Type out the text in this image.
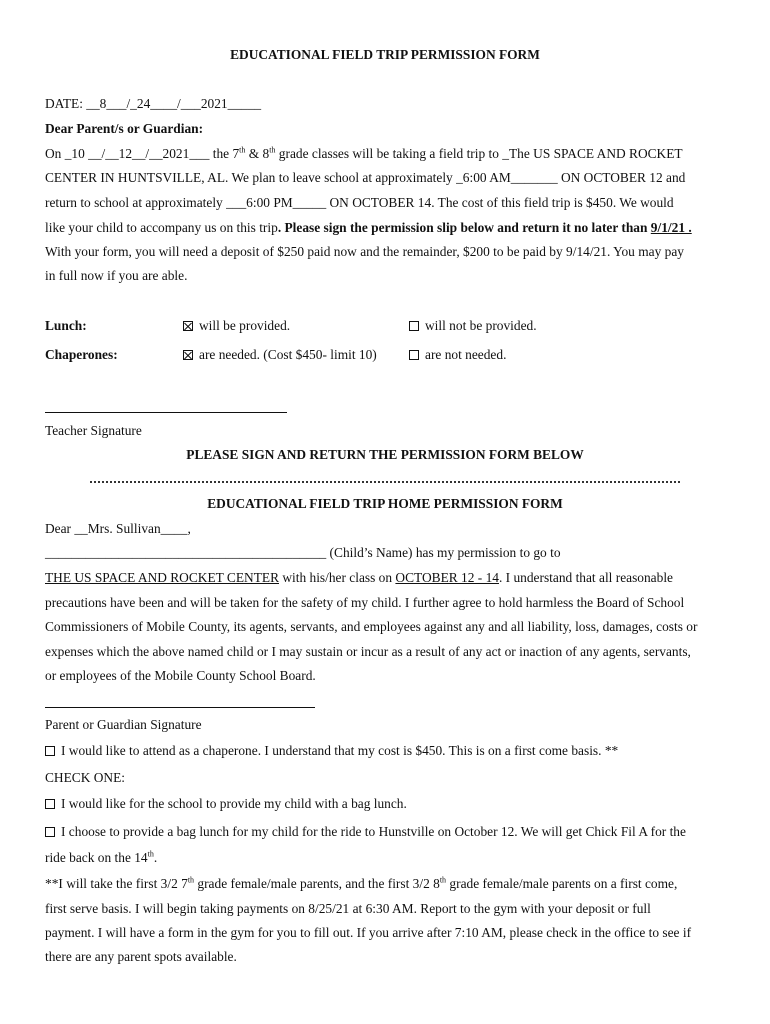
EDUCATIONAL FIELD TRIP PERMISSION FORM
DATE: __8___/_24____/___2021_____
Dear Parent/s or Guardian:
On _10 __/__12__/__2021___ the 7th & 8th grade classes will be taking a field trip to _The US SPACE AND ROCKET
CENTER IN HUNTSVILLE, AL. We plan to leave school at approximately _6:00 AM_______ ON OCTOBER 12 and
return to school at approximately ___6:00 PM_____ ON OCTOBER 14. The cost of this field trip is $450. We would
like your child to accompany us on this trip. Please sign the permission slip below and return it no later than 9/1/21 .
With your form, you will need a deposit of $250 paid now and the remainder, $200 to be paid by 9/14/21. You may pay
in full now if you are able.
Lunch:	will be provided.	will not be provided.
Chaperones:	are needed. (Cost $450- limit 10)	are not needed.
Teacher Signature
PLEASE SIGN AND RETURN THE PERMISSION FORM BELOW
EDUCATIONAL FIELD TRIP HOME PERMISSION FORM
Dear __Mrs. Sullivan____,
__________________________________________ (Child’s Name) has my permission to go to
THE US SPACE AND ROCKET CENTER with his/her class on OCTOBER 12 - 14. I understand that all reasonable
precautions have been and will be taken for the safety of my child. I further agree to hold harmless the Board of School
Commissioners of Mobile County, its agents, servants, and employees against any and all liability, loss, damages, costs or
expenses which the above named child or I may sustain or incur as a result of any act or inaction of any agents, servants,
or employees of the Mobile County School Board.
Parent or Guardian Signature
I would like to attend as a chaperone. I understand that my cost is $450. This is on a first come basis. **
CHECK ONE:
I would like for the school to provide my child with a bag lunch.
I choose to provide a bag lunch for my child for the ride to Hunstville on October 12. We will get Chick Fil A for the
ride back on the 14th.
**I will take the first 3/2 7th grade female/male parents, and the first 3/2 8th grade female/male parents on a first come,
first serve basis. I will begin taking payments on 8/25/21 at 6:30 AM. Report to the gym with your deposit or full
payment. I will have a form in the gym for you to fill out. If you arrive after 7:10 AM, please check in the office to see if
there are any parent spots available.
